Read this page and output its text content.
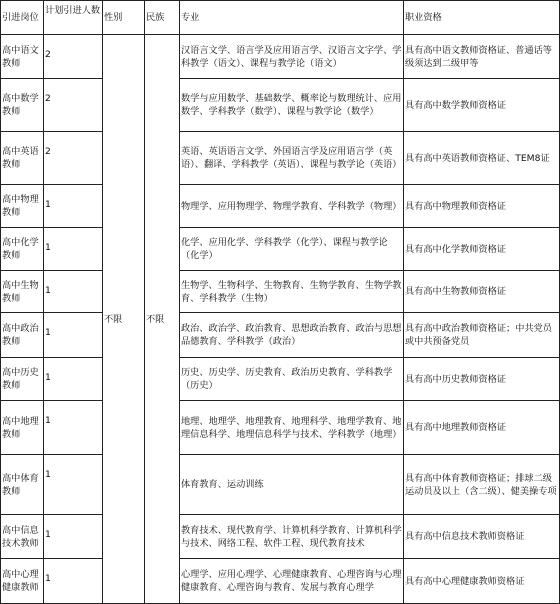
引进岗位	计划引进人数	性别	民族	专业	职业资格
高中语文教师	2	不限	不限	汉语言文学、语言学及应用语言学、汉语言文字学、学科教学（语文）、课程与教学论（语文）	具有高中语文教师资格证、普通话等级须达到二级甲等
高中数学教师	2			数学与应用数学、基础数学、概率论与数理统计、应用数学、学科教学（数学）、课程与教学论（数学）	具有高中数学教师资格证
高中英语教师	2			英语、英语语言文学、外国语言学及应用语言学（英语）、翻译、学科教学（英语）、课程与教学论（英语）	具有高中英语教师资格证、TEM8证
高中物理教师	1			物理学、应用物理学、物理学教育、学科教学（物理）	具有高中物理教师资格证
高中化学教师	1			化学、应用化学、学科教学（化学）、课程与教学论（化学）	具有高中化学教师资格证
高中生物教师	1			生物学、生物科学、生物教育、生物学教育、生物学教育、学科教学（生物）	具有高中生物教师资格证
高中政治教师	1			政治、政治学、政治教育、思想政治教育、政治与思想品德教育、学科教学（政治）	具有高中政治教师资格证；中共党员或中共预备党员
高中历史教师	1			历史、历史学、历史教育、政治历史教育、学科教学（历史）	具有高中历史教师资格证
高中地理教师	1			地理、地理学、地理教育、地理科学、地理学教育、地理信息科学、地理信息科学与技术、学科教学（地理）	具有高中地理教师资格证
高中体育教师	1			体育教育、运动训练	具有高中体育教师资格证；排球二级运动员及以上（含二级）、健美操专项
高中信息技术教师	1			教育技术、现代教育学、计算机科学教育、计算机科学与技术、网络工程、软件工程、现代教育技术	具有高中信息技术教师资格证
高中心理健康教师	1			心理学、应用心理学、心理健康教育、心理咨询与心理健康教育、心理咨询与教育、发展与教育心理学	具有高中心理健康教师资格证
